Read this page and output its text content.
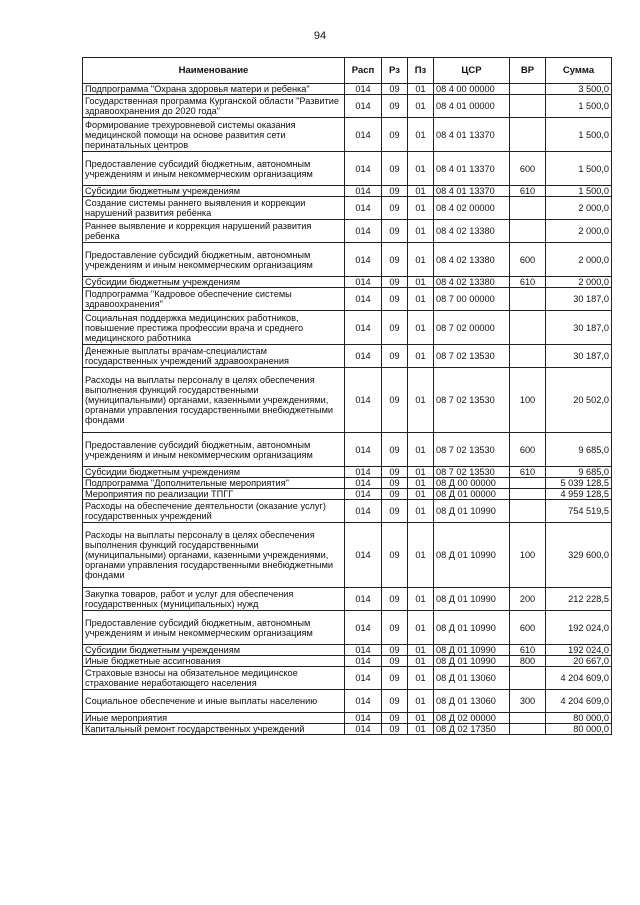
94
Наименование	Расп	Рз	Пз	ЦСР	ВР	Сумма
Подпрограмма "Охрана здоровья матери и ребенка"	014	09	01	08 4 00 00000		3 500,0
Государственная программа Курганской области "Развитие здравоохранения до 2020 года"	014	09	01	08 4 01 00000		1 500,0
Формирование трехуровневой системы оказания медицинской помощи на основе развития сети перинатальных центров	014	09	01	08 4 01 13370		1 500,0
Предоставление субсидий бюджетным, автономным учреждениям и иным некоммерческим организациям	014	09	01	08 4 01 13370	600	1 500,0
Субсидии бюджетным учреждениям	014	09	01	08 4 01 13370	610	1 500,0
Создание системы раннего выявления и коррекции нарушений развития ребёнка	014	09	01	08 4 02 00000		2 000,0
Раннее выявление и коррекция нарушений развития ребенка	014	09	01	08 4 02 13380		2 000,0
Предоставление субсидий бюджетным, автономным учреждениям и иным некоммерческим организациям	014	09	01	08 4 02 13380	600	2 000,0
Субсидии бюджетным учреждениям	014	09	01	08 4 02 13380	610	2 000,0
Подпрограмма "Кадровое обеспечение системы здравоохранения"	014	09	01	08 7 00 00000		30 187,0
Социальная поддержка медицинских работников, повышение престижа профессии врача и среднего медицинского работника	014	09	01	08 7 02 00000		30 187,0
Денежные выплаты врачам-специалистам государственных учреждений здравоохранения	014	09	01	08 7 02 13530		30 187,0
Расходы на выплаты персоналу в целях обеспечения выполнения функций государственными (муниципальными) органами, казенными учреждениями, органами управления государственными внебюджетными фондами	014	09	01	08 7 02 13530	100	20 502,0
Предоставление субсидий бюджетным, автономным учреждениям и иным некоммерческим организациям	014	09	01	08 7 02 13530	600	9 685,0
Субсидии бюджетным учреждениям	014	09	01	08 7 02 13530	610	9 685,0
Подпрограмма "Дополнительные мероприятия"	014	09	01	08 Д 00 00000		5 039 128,5
Мероприятия по реализации ТПГГ	014	09	01	08 Д 01 00000		4 959 128,5
Расходы на обеспечение деятельности (оказание услуг) государственных учреждений	014	09	01	08 Д 01 10990		754 519,5
Расходы на выплаты персоналу в целях обеспечения выполнения функций государственными (муниципальными) органами, казенными учреждениями, органами управления государственными внебюджетными фондами	014	09	01	08 Д 01 10990	100	329 600,0
Закупка товаров, работ и услуг для обеспечения государственных (муниципальных) нужд	014	09	01	08 Д 01 10990	200	212 228,5
Предоставление субсидий бюджетным, автономным учреждениям и иным некоммерческим организациям	014	09	01	08 Д 01 10990	600	192 024,0
Субсидии бюджетным учреждениям	014	09	01	08 Д 01 10990	610	192 024,0
Иные бюджетные ассигнования	014	09	01	08 Д 01 10990	800	20 667,0
Страховые взносы на обязательное медицинское страхование неработающего населения	014	09	01	08 Д 01 13060		4 204 609,0
Социальное обеспечение и иные выплаты населению	014	09	01	08 Д 01 13060	300	4 204 609,0
Иные мероприятия	014	09	01	08 Д 02 00000		80 000,0
Капитальный ремонт государственных учреждений	014	09	01	08 Д 02 17350		80 000,0
